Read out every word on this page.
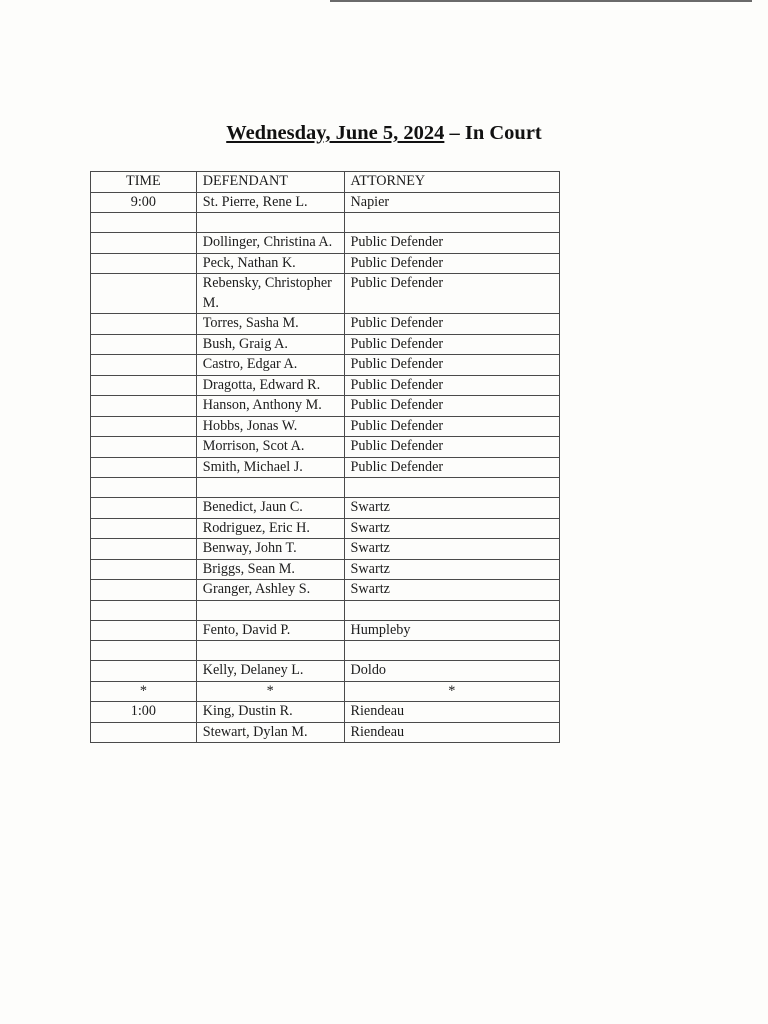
Wednesday, June 5, 2024 – In Court
TIME	DEFENDANT	ATTORNEY
9:00	St. Pierre, Rene L.	Napier

	Dollinger, Christina A.	Public Defender
	Peck, Nathan K.	Public Defender
	Rebensky, Christopher M.	Public Defender
	Torres, Sasha M.	Public Defender
	Bush, Graig A.	Public Defender
	Castro, Edgar A.	Public Defender
	Dragotta, Edward R.	Public Defender
	Hanson, Anthony M.	Public Defender
	Hobbs, Jonas W.	Public Defender
	Morrison, Scot A.	Public Defender
	Smith, Michael J.	Public Defender

	Benedict, Jaun C.	Swartz
	Rodriguez, Eric H.	Swartz
	Benway, John T.	Swartz
	Briggs, Sean M.	Swartz
	Granger, Ashley S.	Swartz

	Fento, David P.	Humpleby

	Kelly, Delaney L.	Doldo
*	*	*
1:00	King, Dustin R.	Riendeau
	Stewart, Dylan M.	Riendeau
